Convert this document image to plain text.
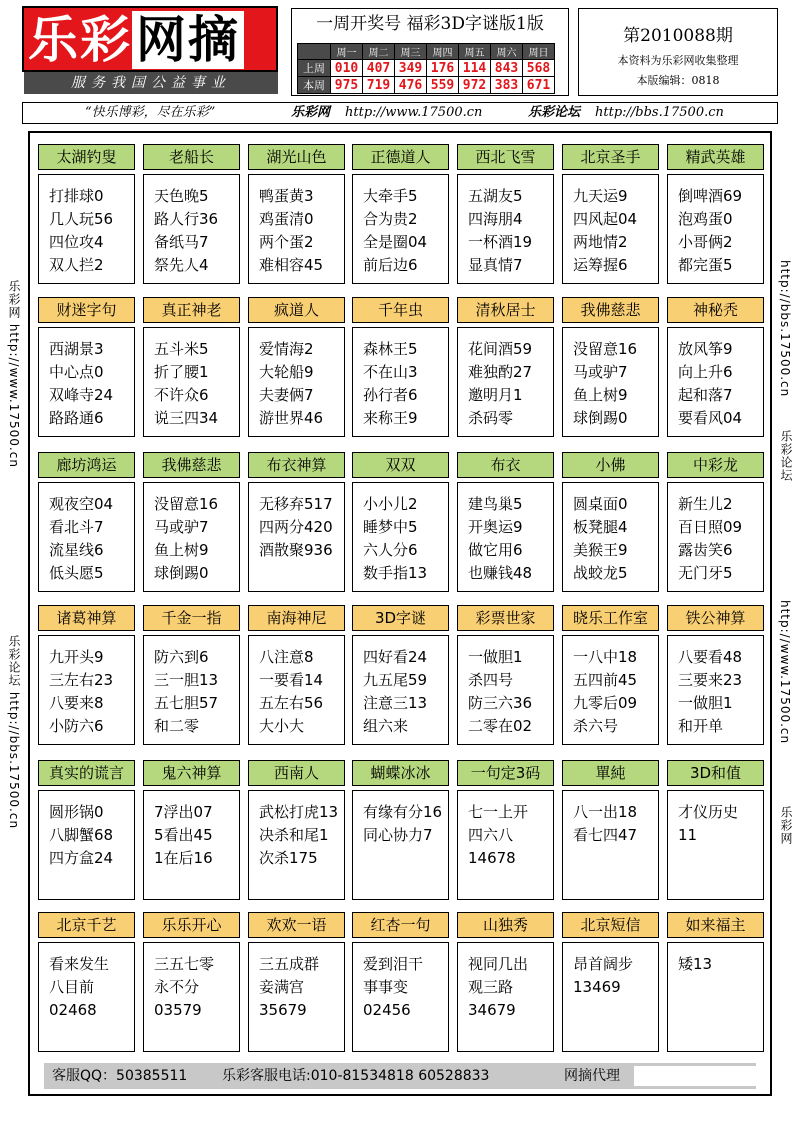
乐彩网摘
服务我国公益事业
一周开奖号 福彩3D字谜版1版
	周一	周二	周三	周四	周五	周六	周日
上周	010	407	349	176	114	843	568
本周	975	719	476	559	972	383	671
第2010088期
本资料为乐彩网收集整理
本版编辑：0818
“快乐博彩，尽在乐彩”	乐彩网 http://www.17500.cn	乐彩论坛 http://bbs.17500.cn
乐彩网 http://www.17500.cn
乐彩论坛 http://bbs.17500.cn
http://bbs.17500.cn
乐彩论坛
http://www.17500.cn
乐彩网
太湖钓叟
打排球0
几人玩56
四位攻4
双人拦2
老船长
天色晚5
路人行36
备纸马7
祭先人4
湖光山色
鸭蛋黄3
鸡蛋清0
两个蛋2
难相容45
正德道人
大牵手5
合为贵2
全是圈04
前后边6
西北飞雪
五湖友5
四海朋4
一杯酒19
显真情7
北京圣手
九天运9
四风起04
两地情2
运筹握6
精武英雄
倒啤酒69
泡鸡蛋0
小哥俩2
都完蛋5
财迷字句
西湖景3
中心点0
双峰寺24
路路通6
真正神老
五斗米5
折了腰1
不许众6
说三四34
疯道人
爱情海2
大轮船9
夫妻俩7
游世界46
千年虫
森林王5
不在山3
孙行者6
来称王9
清秋居士
花间酒59
难独酌27
邀明月1
杀码零
我佛慈悲
没留意16
马或驴7
鱼上树9
球倒踢0
神秘秃
放风筝9
向上升6
起和落7
要看风04
廊坊鸿运
观夜空04
看北斗7
流星线6
低头愿5
我佛慈悲
没留意16
马或驴7
鱼上树9
球倒踢0
布衣神算
无移弃517
四两分420
酒散聚936
双双
小小儿2
睡梦中5
六人分6
数手指13
布衣
建鸟巢5
开奥运9
做它用6
也赚钱48
小佛
圆桌面0
板凳腿4
美猴王9
战蛟龙5
中彩龙
新生儿2
百日照09
露齿笑6
无门牙5
诸葛神算
九开头9
三左右23
八要来8
小防六6
千金一指
防六到6
三一胆13
五七胆57
和二零
南海神尼
八注意8
一要看14
五左右56
大小大
3D字谜
四好看24
九五尾59
注意三13
组六来
彩票世家
一做胆1
杀四号
防三六36
二零在02
晓乐工作室
一八中18
五四前45
九零后09
杀六号
铁公神算
八要看48
三要来23
一做胆1
和开单
真实的谎言
圆形锅0
八脚蟹68
四方盒24
鬼六神算
7浮出07
5看出45
1在后16
西南人
武松打虎13
决杀和尾1
次杀175
蝴蝶冰冰
有缘有分16
同心协力7
一句定3码
七一上开
四六八
14678
單純
八一出18
看七四47
3D和值
才仪历史
11
北京千艺
看来发生
八目前
02468
乐乐开心
三五七零
永不分
03579
欢欢一语
三五成群
妾满宫
35679
红杏一句
爱到泪干
事事变
02456
山独秀
视同几出
观三路
34679
北京短信
昂首阔步
13469
如来福主
矮13
客服QQ：50385511 乐彩客服电话:010-81534818 60528833	网摘代理
